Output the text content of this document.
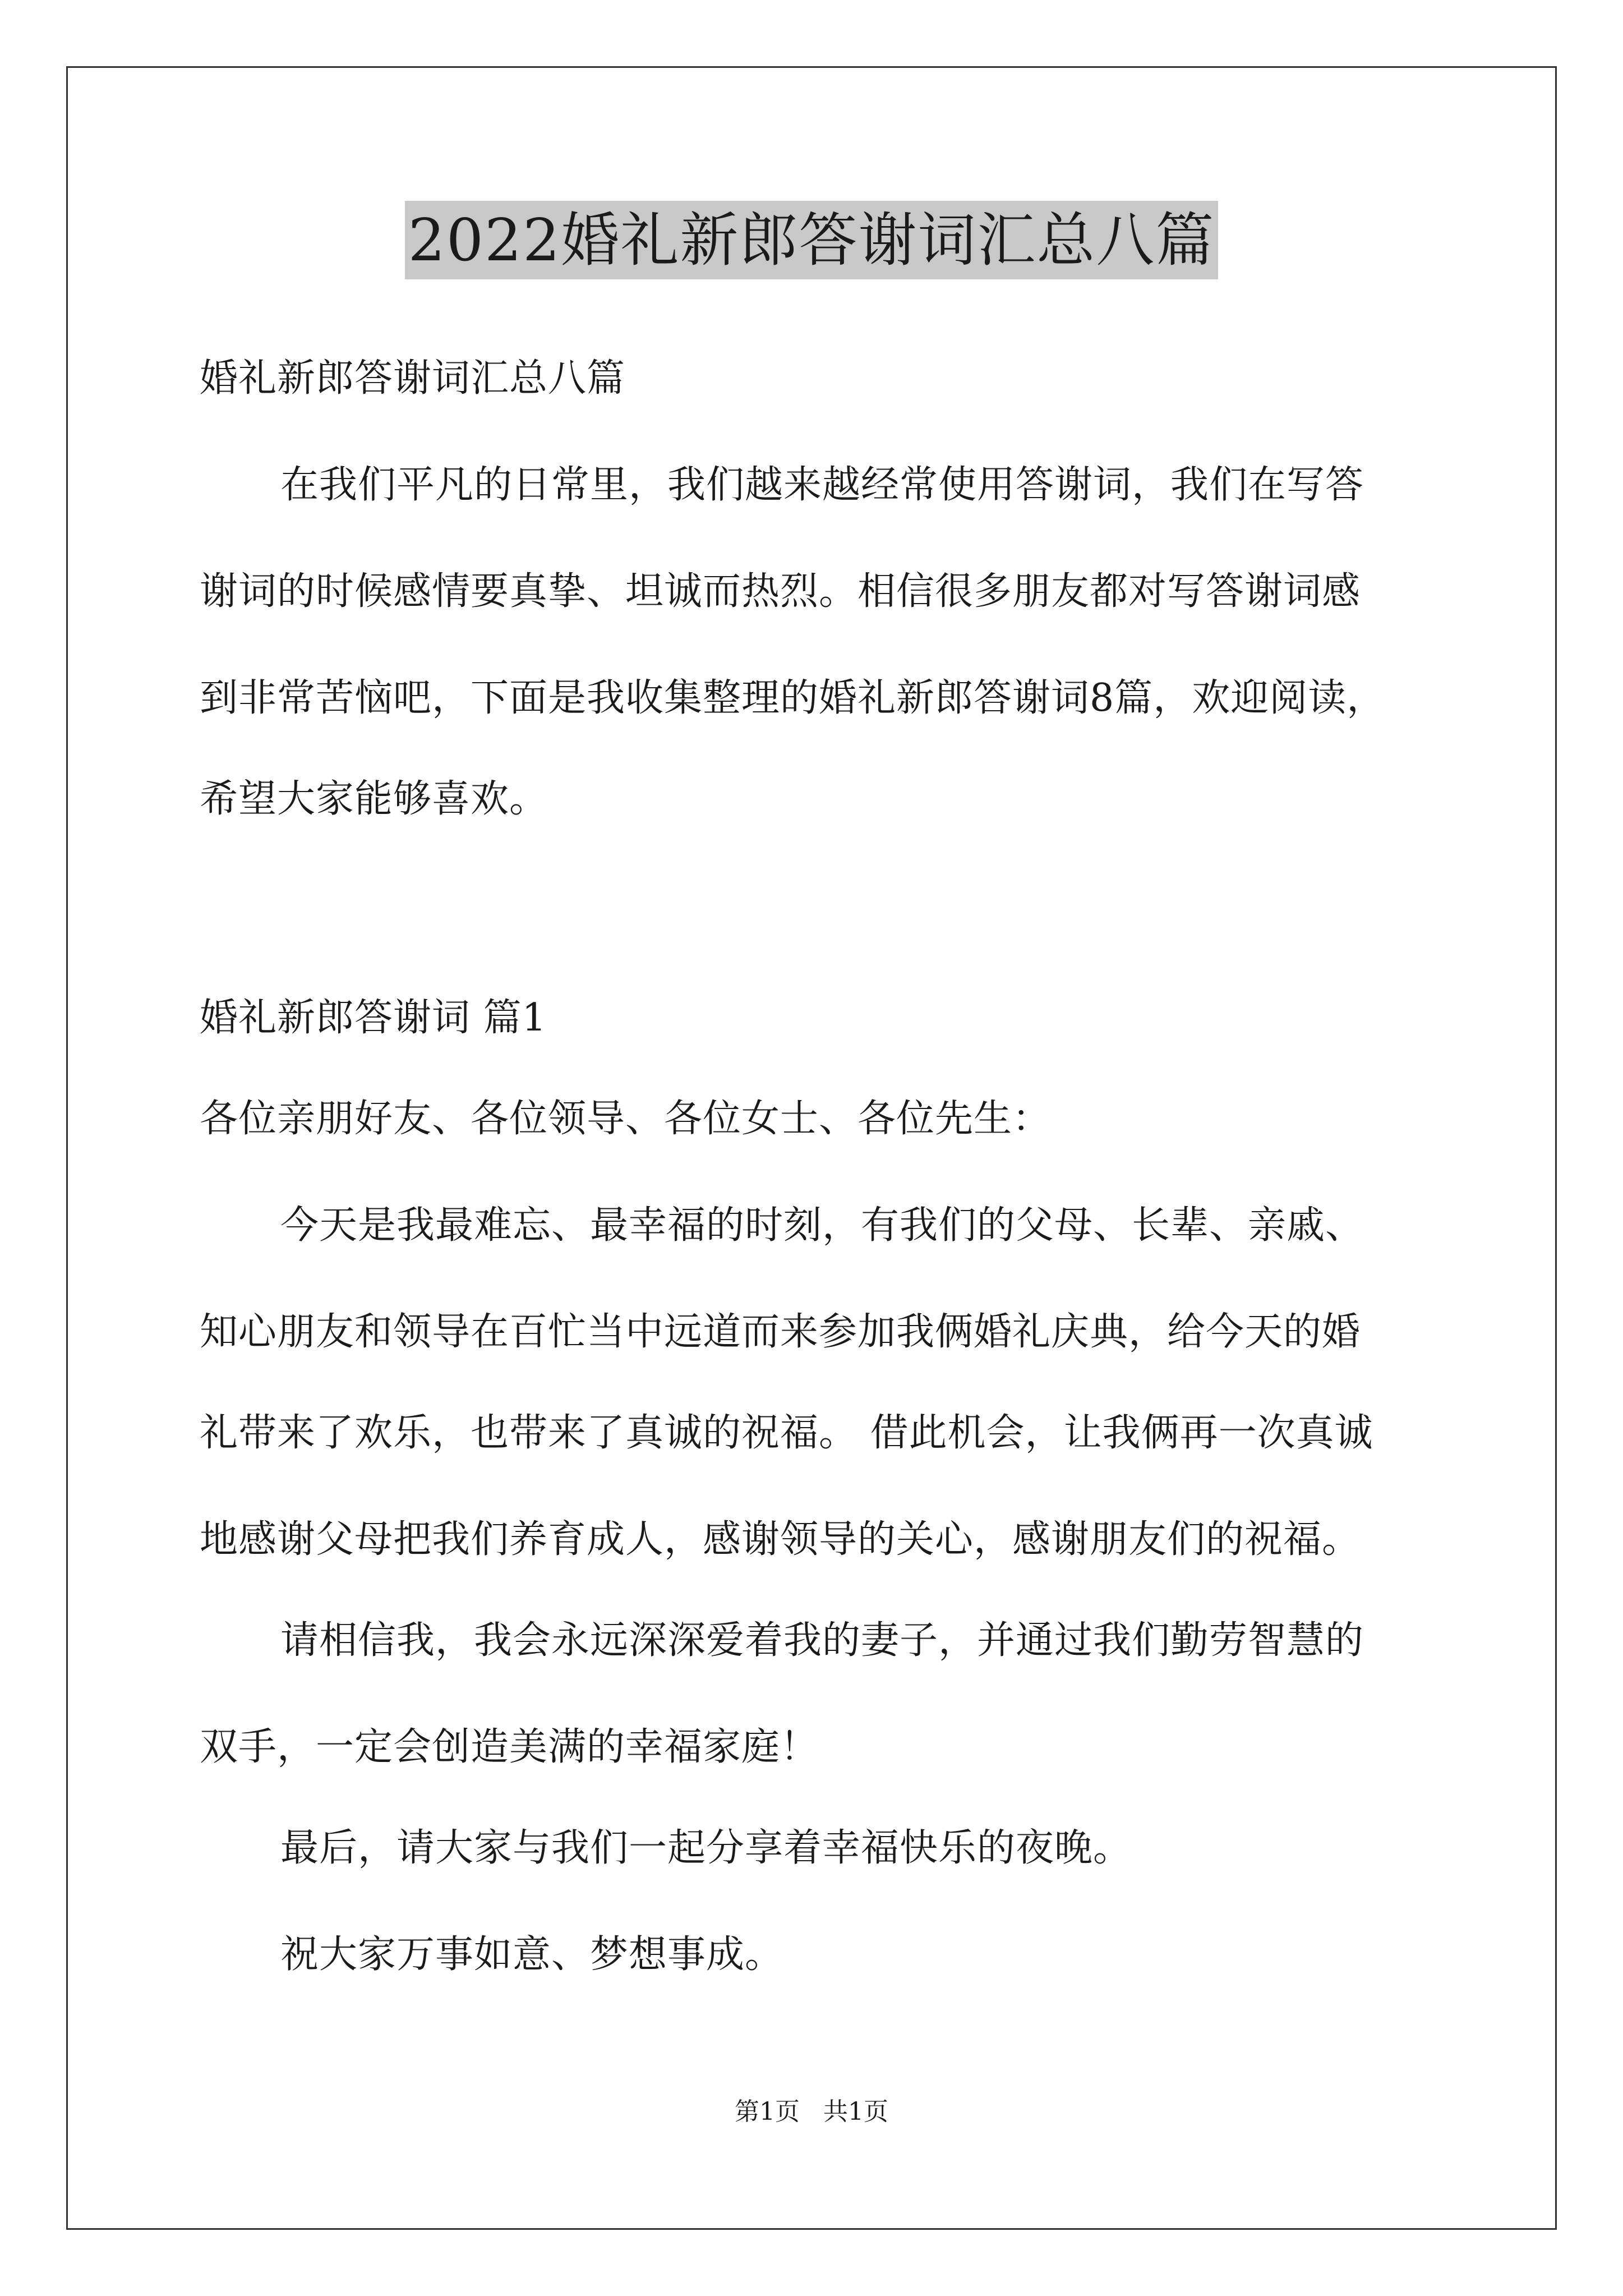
2022婚礼新郎答谢词汇总八篇
婚礼新郎答谢词汇总八篇
在我们平凡的日常里，我们越来越经常使用答谢词，我们在写答
谢词的时候感情要真挚、坦诚而热烈。相信很多朋友都对写答谢词感
到非常苦恼吧，下面是我收集整理的婚礼新郎答谢词8篇，欢迎阅读，
希望大家能够喜欢。
婚礼新郎答谢词 篇1
各位亲朋好友、各位领导、各位女士、各位先生：
今天是我最难忘、最幸福的时刻，有我们的父母、长辈、亲戚、
知心朋友和领导在百忙当中远道而来参加我俩婚礼庆典，给今天的婚
礼带来了欢乐，也带来了真诚的祝福。 借此机会，让我俩再一次真诚
地感谢父母把我们养育成人，感谢领导的关心，感谢朋友们的祝福。
请相信我，我会永远深深爱着我的妻子，并通过我们勤劳智慧的
双手，一定会创造美满的幸福家庭！
最后，请大家与我们一起分享着幸福快乐的夜晚。
祝大家万事如意、梦想事成。
第1页 共1页
